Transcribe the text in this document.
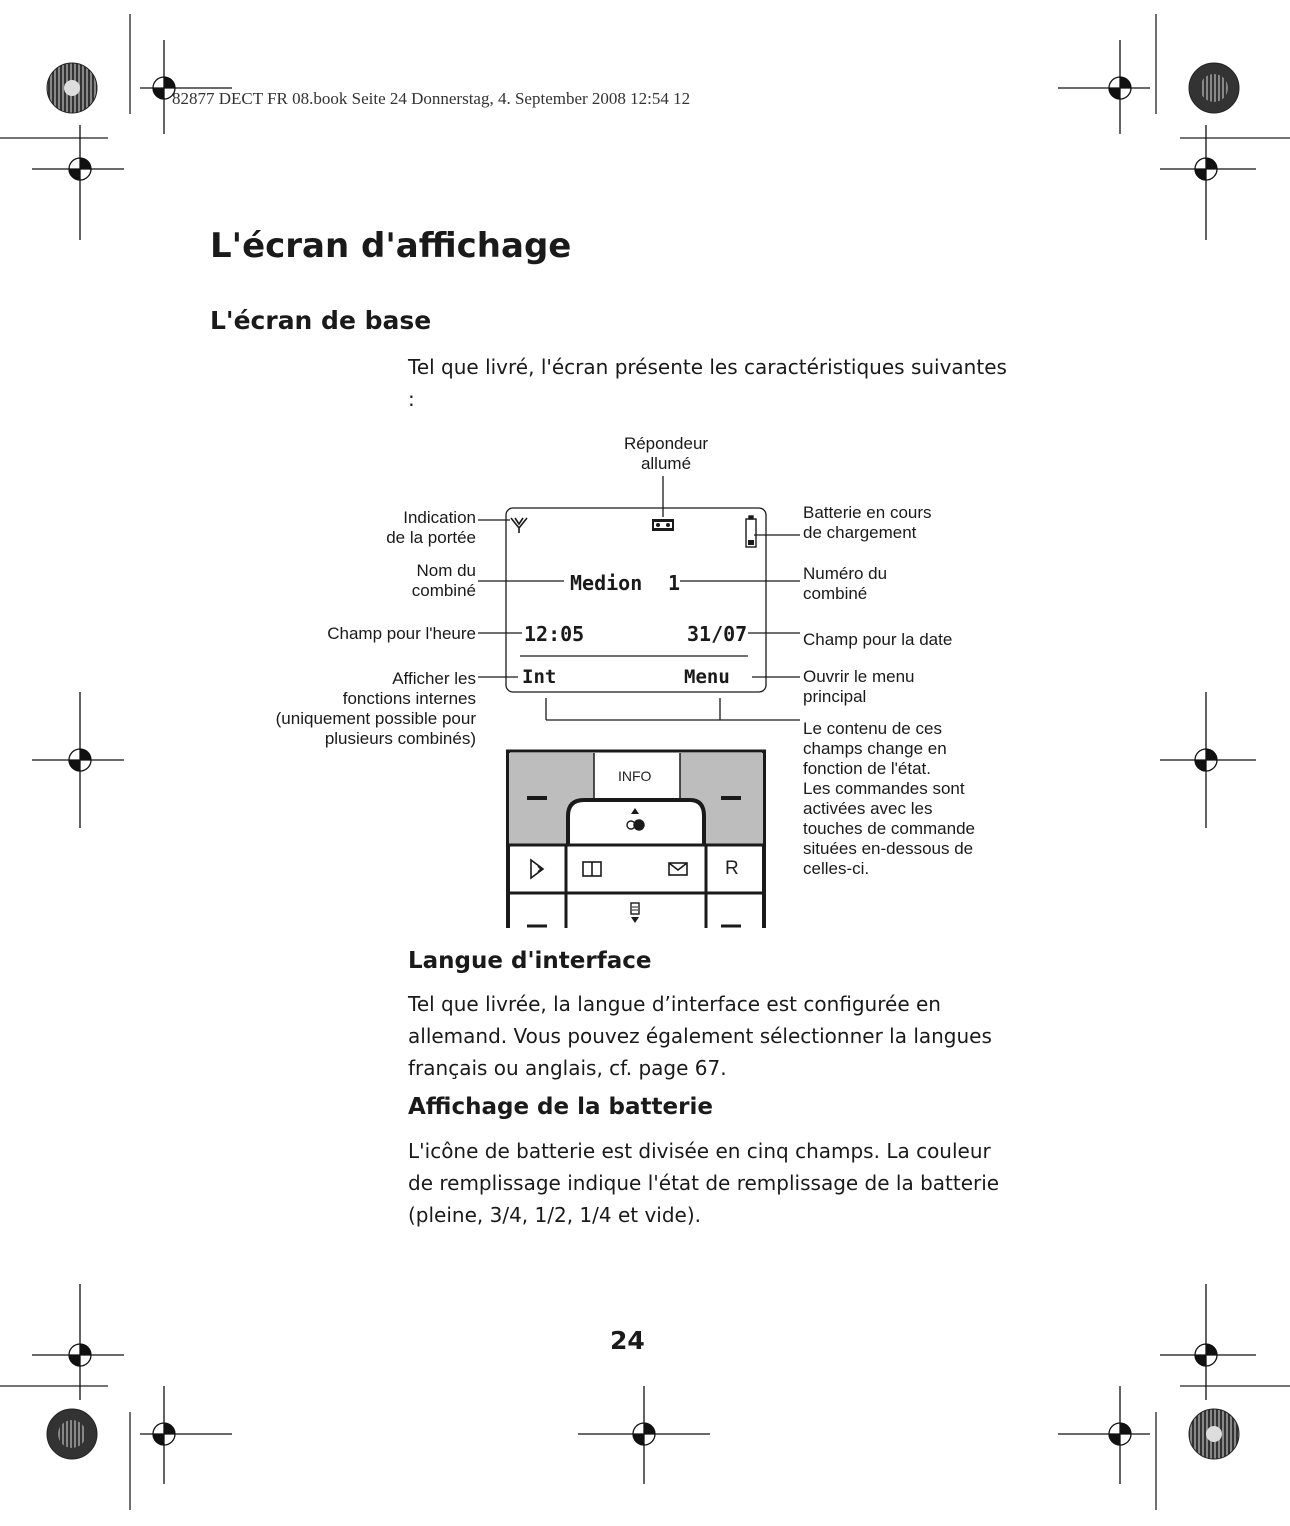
82877 DECT FR 08.book Seite 24 Donnerstag, 4. September 2008 12:54 12
L'écran d'affichage
L'écran de base
Tel que livré, l'écran présente les caractéristiques suivantes :
Medion 1
12:05	31/07
Int	Menu
INFO
R
Répondeur
allumé
Indication
de la portée
Nom du
combiné
Champ pour l'heure
Afficher les
fonctions internes
(uniquement possible pour
plusieurs combinés)
Batterie en cours
de chargement
Numéro du
combiné
Champ pour la date
Ouvrir le menu
principal
Le contenu de ces
champs change en
fonction de l'état.
Les commandes sont
activées avec les
touches de commande
situées en-dessous de
celles-ci.
Langue d'interface
Tel que livrée, la langue d’interface est configurée en allemand. Vous pouvez également sélectionner la langues français ou anglais, cf. page 67.
Affichage de la batterie
L'icône de batterie est divisée en cinq champs. La couleur de remplissage indique l'état de remplissage de la batterie (pleine, 3/4, 1/2, 1/4 et vide).
24
